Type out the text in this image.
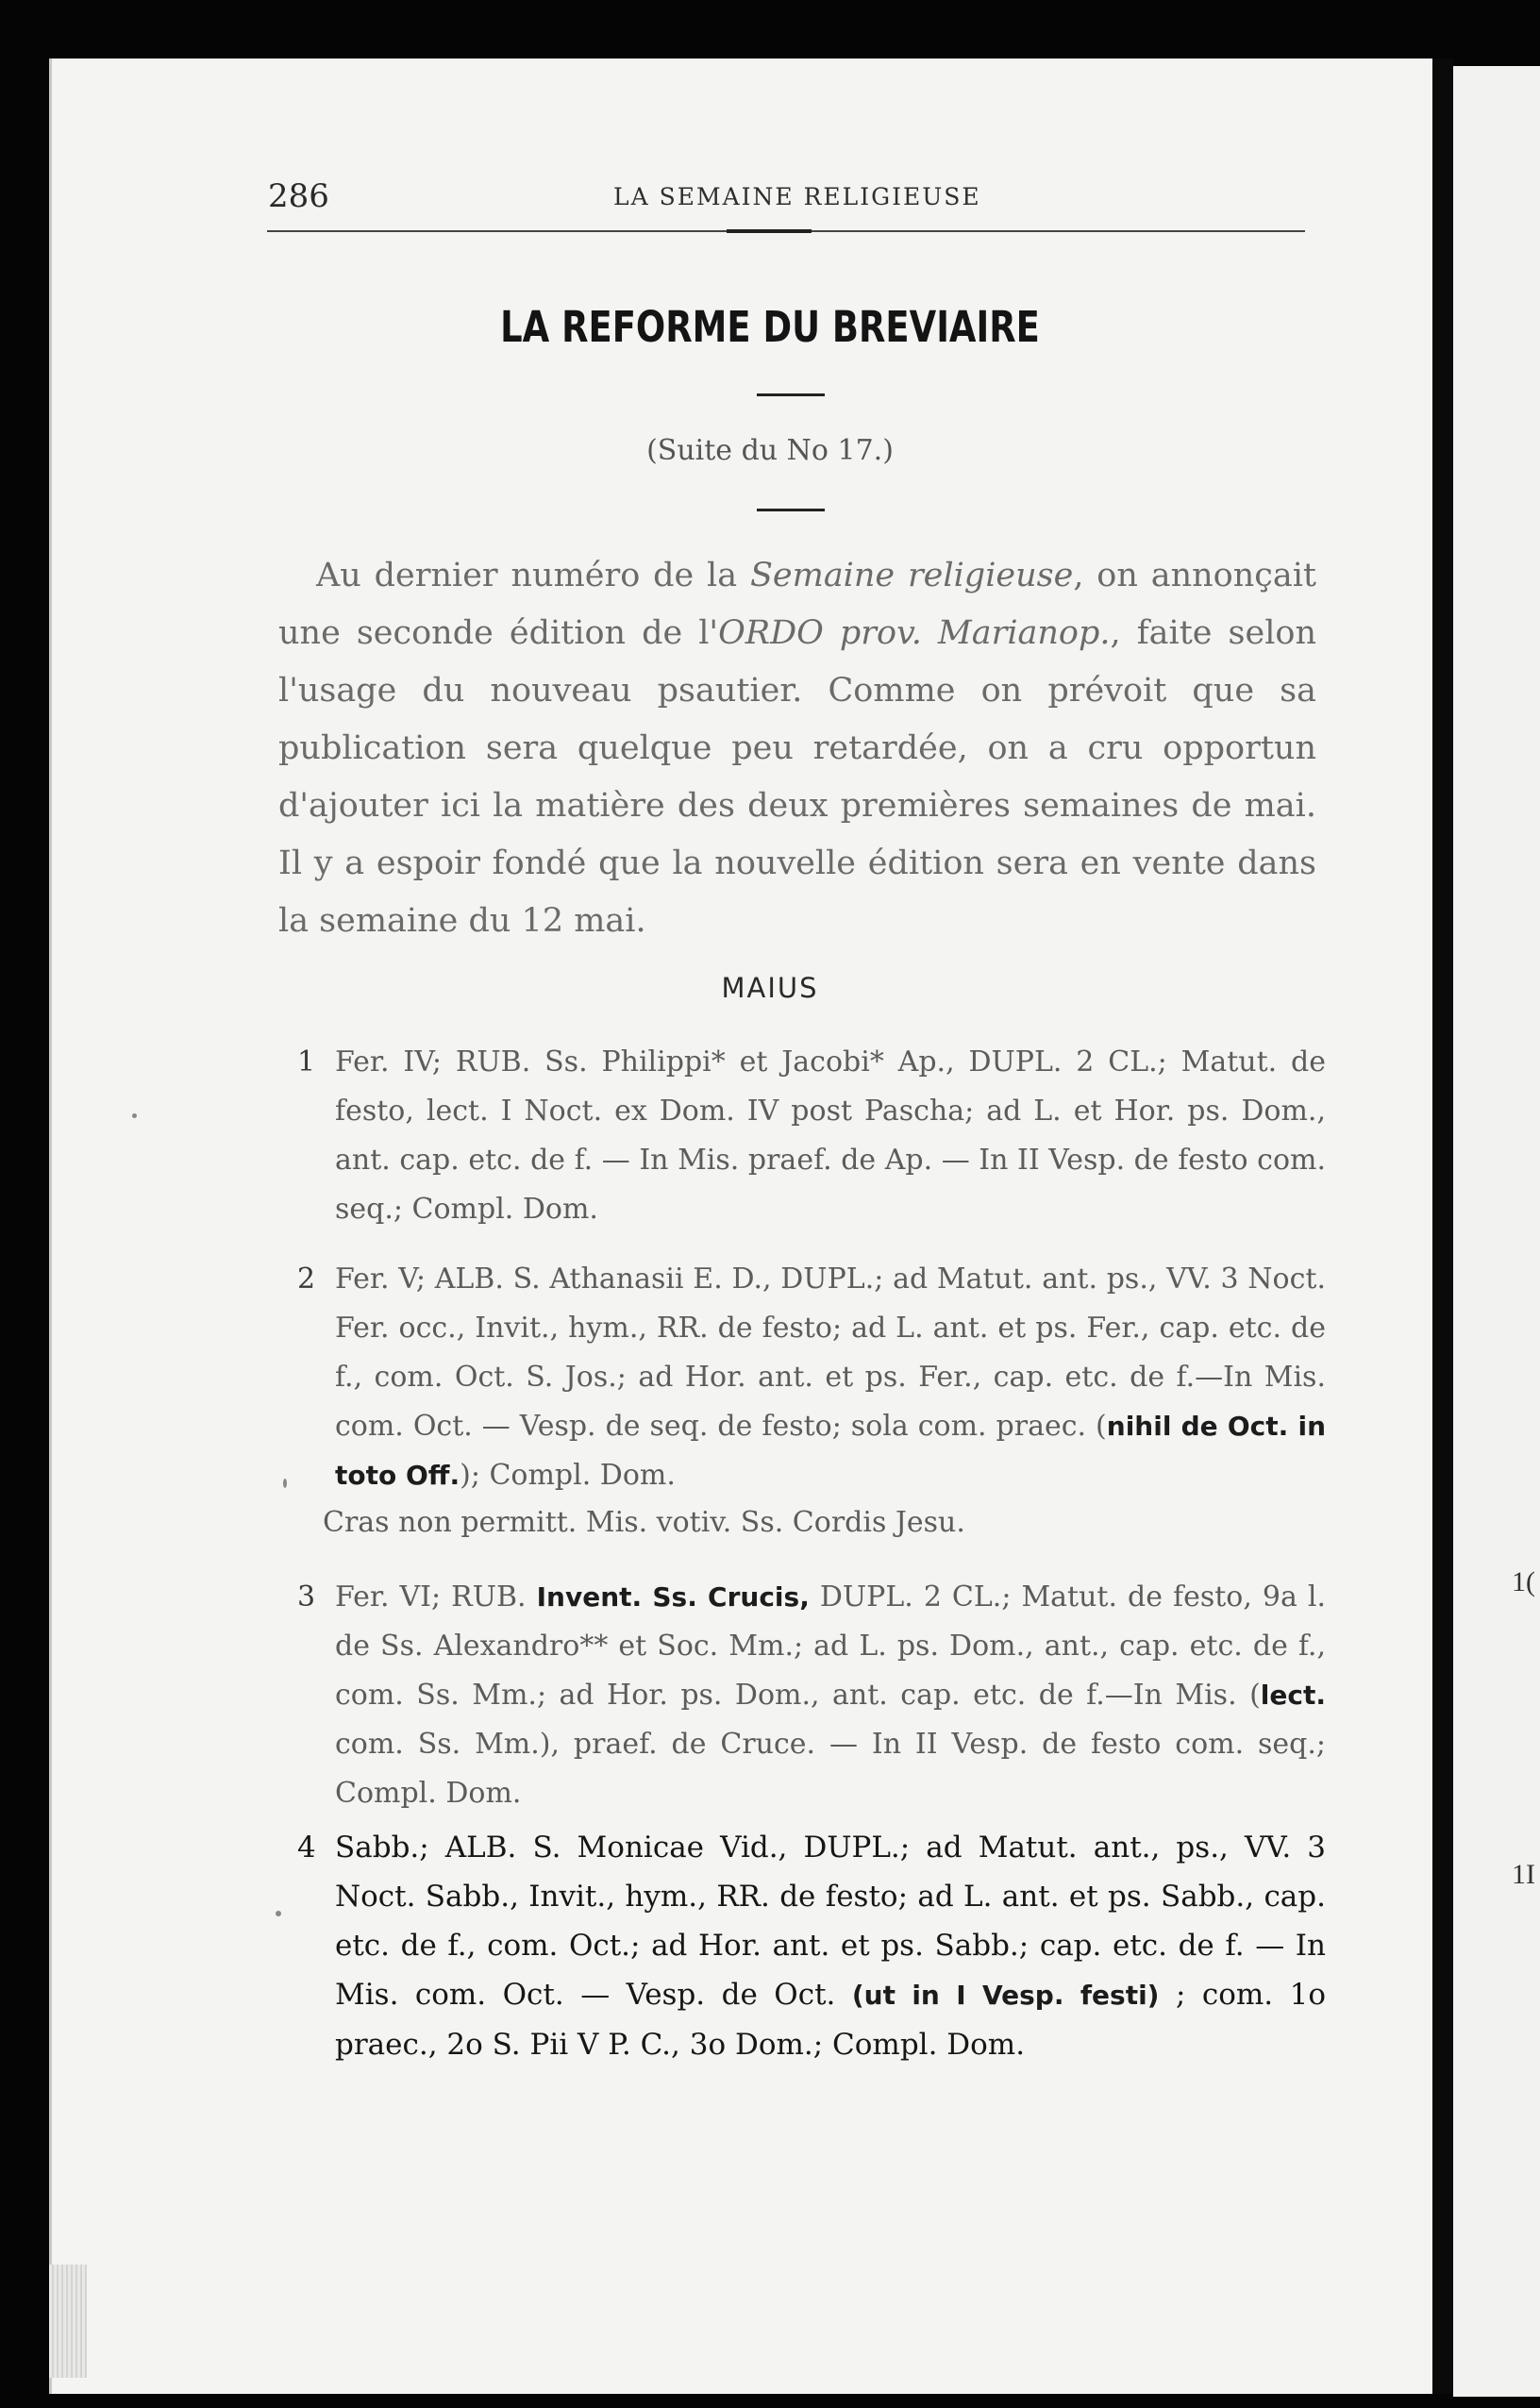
1(
1I
286	LA SEMAINE RELIGIEUSE
LA REFORME DU BREVIAIRE
(Suite du No 17.)

Au dernier numéro de la Semaine religieuse, on annonçait une seconde édition de l'ORDO prov. Marianop., faite selon l'usage du nouveau psautier. Comme on prévoit que sa publication sera quelque peu retardée, on a cru opportun d'ajouter ici la matière des deux premières semaines de mai. Il y a espoir fondé que la nouvelle édition sera en vente dans la semaine du 12 mai.

MAIUS

1 Fer. IV; RUB. Ss. Philippi* et Jacobi* Ap., DUPL. 2 CL.; Matut. de festo, lect. I Noct. ex Dom. IV post Pascha; ad L. et Hor. ps. Dom., ant. cap. etc. de f. — In Mis. praef. de Ap. — In II Vesp. de festo com. seq.; Compl. Dom.

2 Fer. V; ALB. S. Athanasii E. D., DUPL.; ad Matut. ant. ps., VV. 3 Noct. Fer. occ., Invit., hym., RR. de festo; ad L. ant. et ps. Fer., cap. etc. de f., com. Oct. S. Jos.; ad Hor. ant. et ps. Fer., cap. etc. de f.—In Mis. com. Oct. — Vesp. de seq. de festo; sola com. praec. (nihil de Oct. in toto Off.); Compl. Dom.

Cras non permitt. Mis. votiv. Ss. Cordis Jesu.

3 Fer. VI; RUB. Invent. Ss. Crucis, DUPL. 2 CL.; Matut. de festo, 9a l. de Ss. Alexandro** et Soc. Mm.; ad L. ps. Dom., ant., cap. etc. de f., com. Ss. Mm.; ad Hor. ps. Dom., ant. cap. etc. de f.—In Mis. (lect. com. Ss. Mm.), praef. de Cruce. — In II Vesp. de festo com. seq.; Compl. Dom.

4 Sabb.; ALB. S. Monicae Vid., DUPL.; ad Matut. ant., ps., VV. 3 Noct. Sabb., Invit., hym., RR. de festo; ad L. ant. et ps. Sabb., cap. etc. de f., com. Oct.; ad Hor. ant. et ps. Sabb.; cap. etc. de f. — In Mis. com. Oct. — Vesp. de Oct. (ut in I Vesp. festi) ; com. 1o praec., 2o S. Pii V P. C., 3o Dom.; Compl. Dom.
